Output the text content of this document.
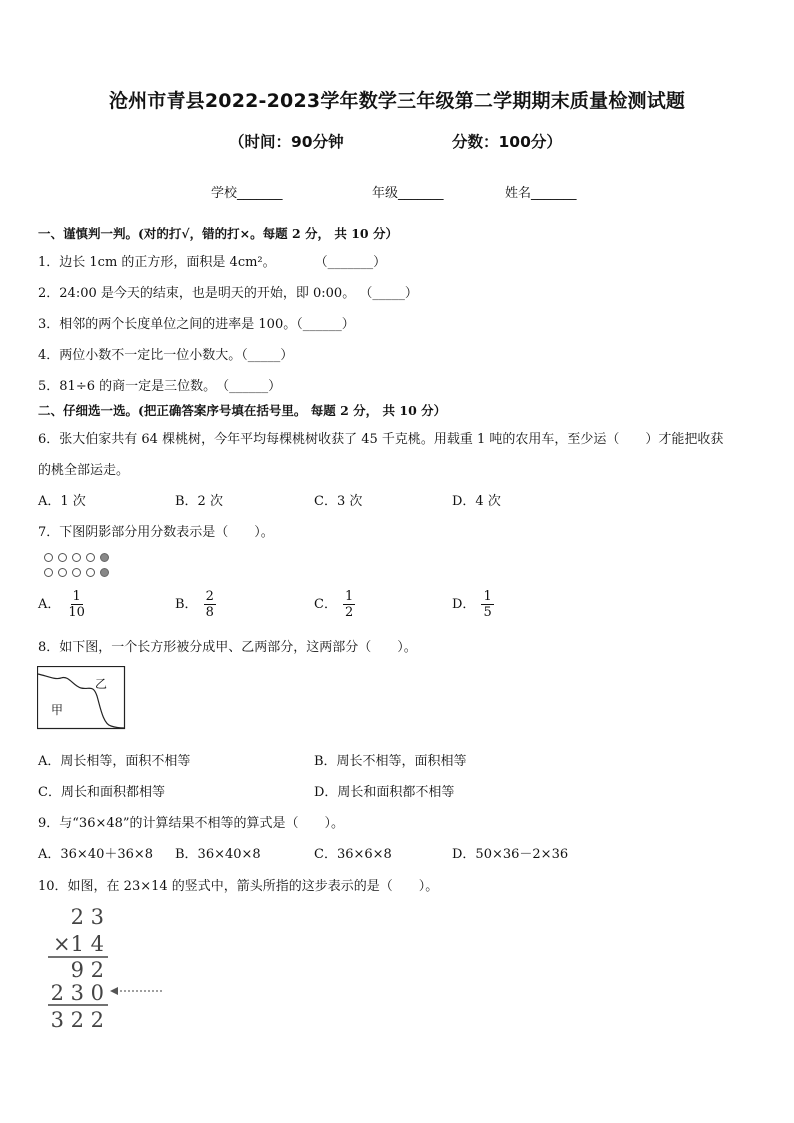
沧州市青县2022-2023学年数学三年级第二学期期末质量检测试题
（时间：90分钟	分数：100分）
学校_______	年级_______	姓名_______
一、谨慎判一判。(对的打√，错的打×。每题 2 分， 共 10 分）
1．边长 1cm 的正方形，面积是 4cm²。　　　　（_______）
2．24:00 是今天的结束，也是明天的开始，即 0:00。 （_____）
3．相邻的两个长度单位之间的进率是 100。（______）
4．两位小数不一定比一位小数大。（_____）
5．81÷6 的商一定是三位数。　（______）
二、仔细选一选。(把正确答案序号填在括号里。 每题 2 分， 共 10 分）
6．张大伯家共有 64 棵桃树，今年平均每棵桃树收获了 45 千克桃。用载重 1 吨的农用车，至少运（　　）才能把收获
的桃全部运走。
A．1 次	B．2 次	C．3 次	D．4 次
7．下图阴影部分用分数表示是（　　）。
A． $\frac{1}{10}$	B． $\frac{2}{8}$	C． $\frac{1}{2}$	D． $\frac{1}{5}$
8．如下图，一个长方形被分成甲、乙两部分，这两部分（　　）。
甲
乙
A．周长相等，面积不相等	B．周长不相等，面积相等
C．周长和面积都相等	D．周长和面积都不相等
9．与“36×48”的计算结果不相等的算式是（　　）。
A．36×40＋36×8 B．36×40×8	C．36×6×8	D．50×36－2×36
10．如图，在 23×14 的竖式中，箭头所指的这步表示的是（　　）。
2 3
×1 4
9 2
2 3 0
3 2 2
